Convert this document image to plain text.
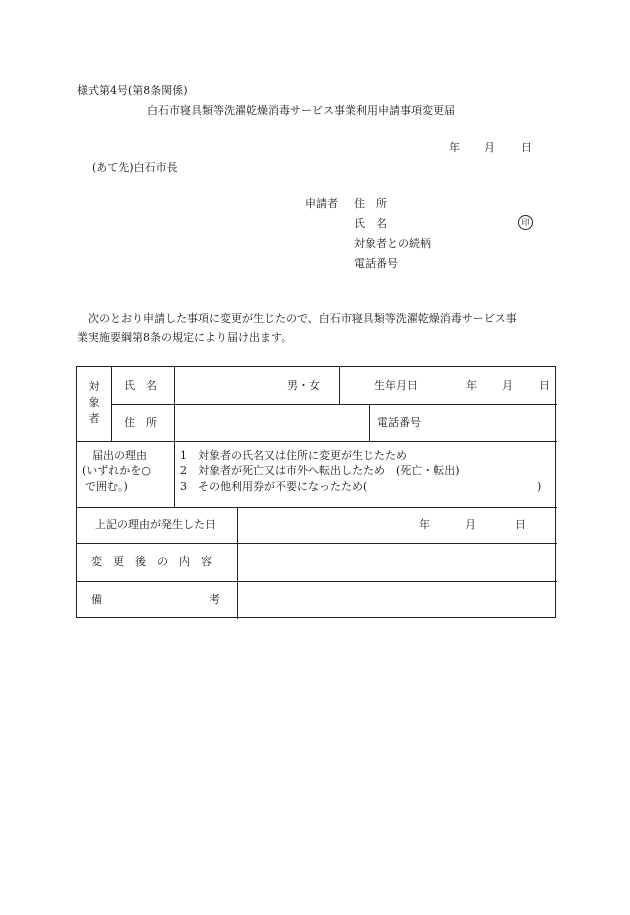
様式第4号(第8条関係)
白石市寝具類等洗濯乾燥消毒サービス事業利用申請事項変更届
年 月 日
(あて先)白石市長
申請者 住　所
氏　名	印
対象者との続柄
電話番号
次のとおり申請した事項に変更が生じたので、白石市寝具類等洗濯乾燥消毒サービス事
業実施要綱第8条の規定により届け出ます。
対
象
者
氏　名	男・女	生年月日	年 月 日
住　所	電話番号
届出の理由
(いずれかを○
で囲む。)
1　対象者の氏名又は住所に変更が生じたため
2　対象者が死亡又は市外へ転出したため　(死亡・転出)
3　その他利用券が不要になったため(	)
上記の理由が発生した日	年	月	日
変　更　後　の　内　容
備	考
